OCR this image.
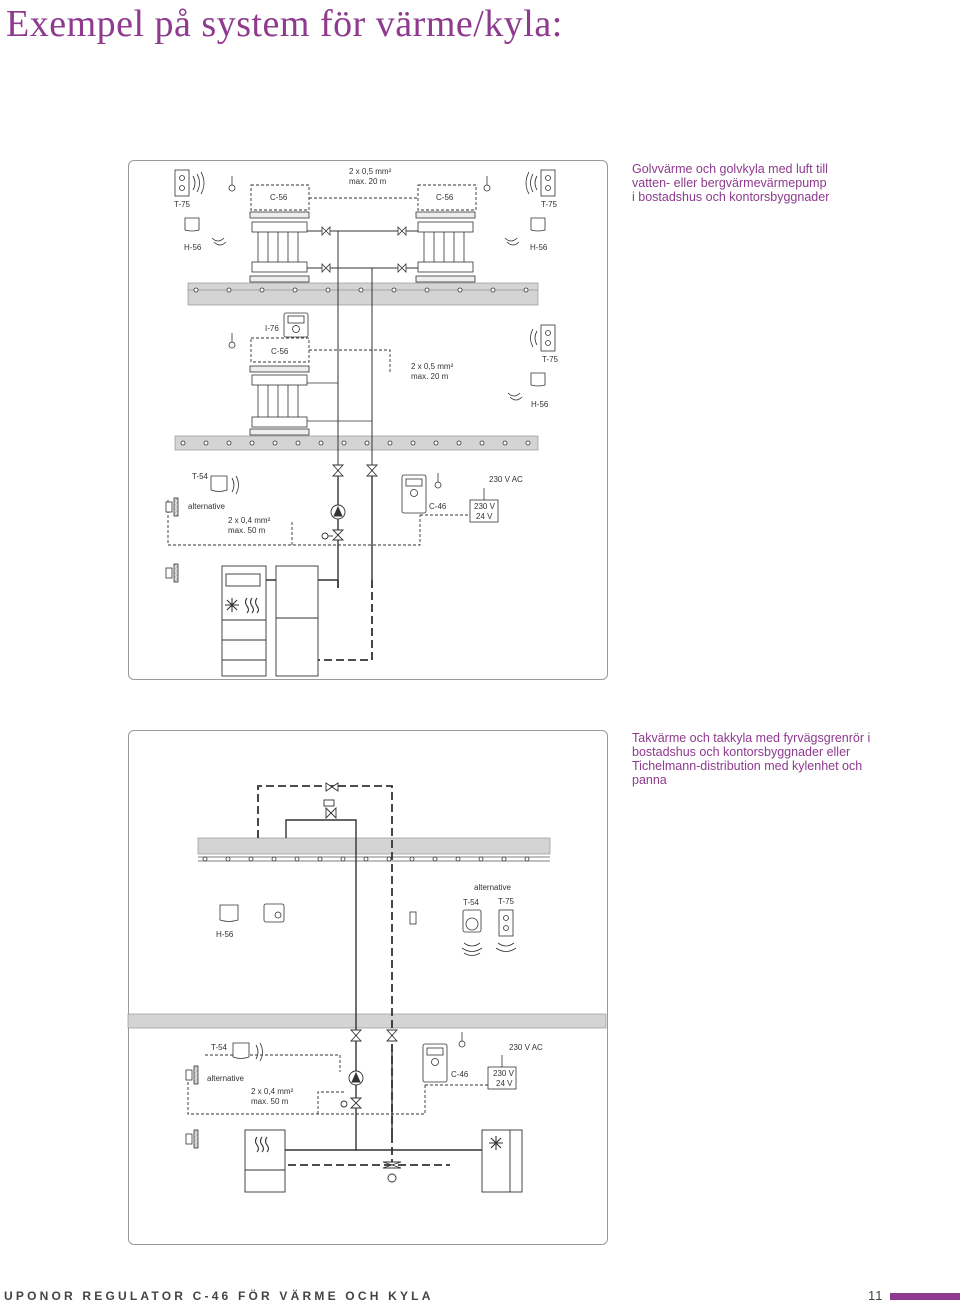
Exempel på system för värme/kyla:
Golvvärme och golvkyla med luft till vatten- eller bergvärmevärmepump i bostadshus och kontorsbyggnader
Takvärme och takkyla med fyrvägsgrenrör i bostadshus och kontorsbyggnader eller Tichelmann-distribution med kylenhet och panna
T-75
C-56
2 x 0,5 mm²
max. 20 m
C-56
T-75
H-56	H-56
I-76
C-56
2 x 0,5 mm²
max. 20 m
T-75
H-56
T-54	230 V AC
alternative
2 x 0,4 mm²
max. 50 m
C-46	230 V
24 V
alternative
T-54 T-75
H-56
T-54	230 V AC
alternative	C-46	230 V
24 V
2 x 0,4 mm²
max. 50 m
UPONOR REGULATOR C-46 FÖR VÄRME OCH KYLA	11
